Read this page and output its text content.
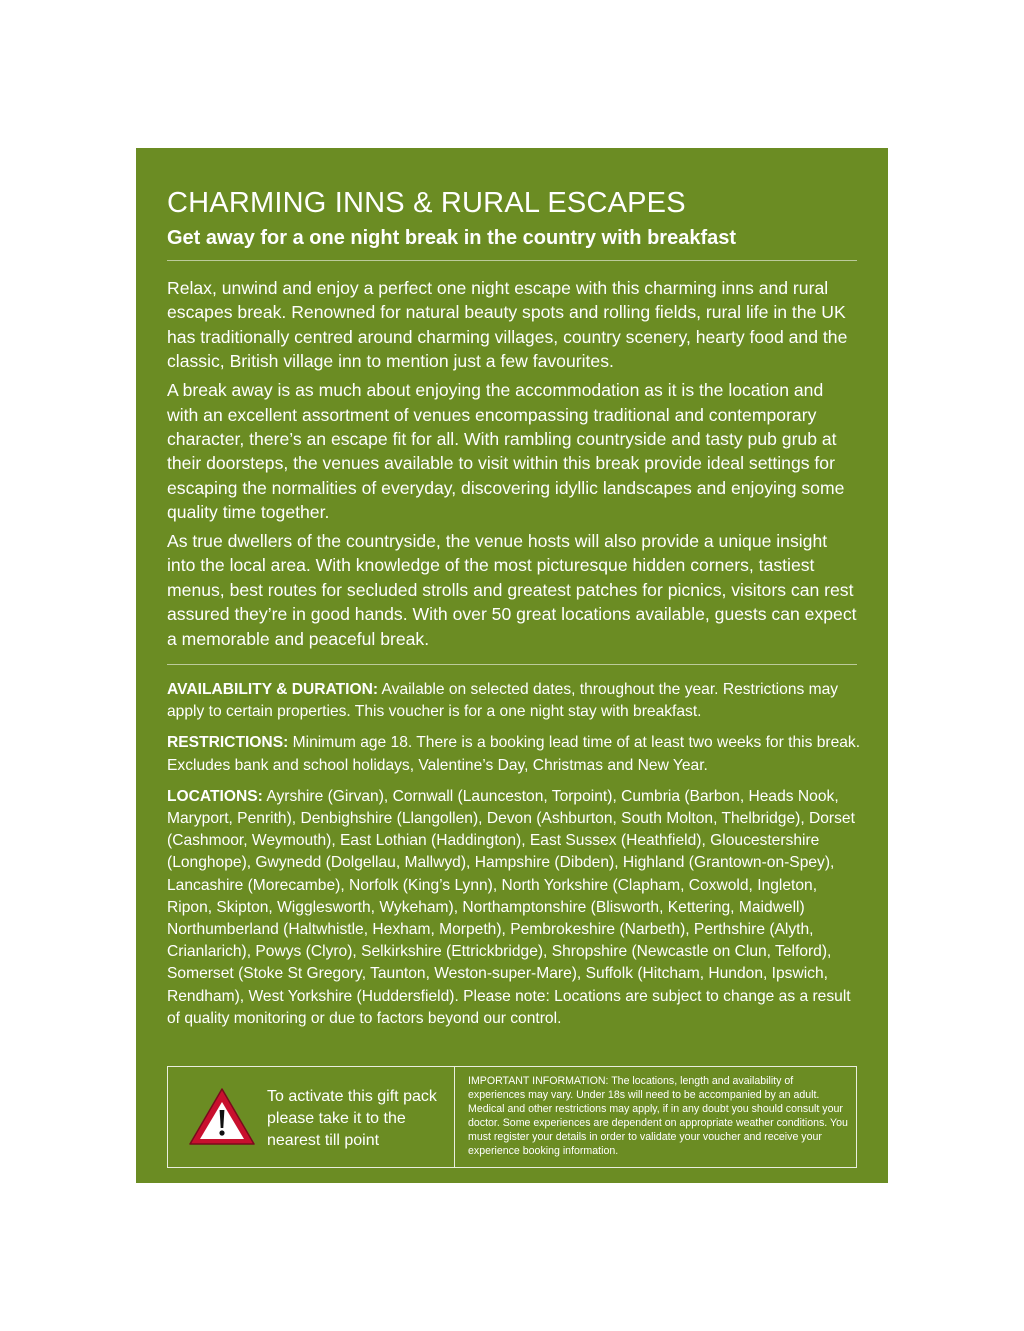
CHARMING INNS & RURAL ESCAPES
Get away for a one night break in the country with breakfast

Relax, unwind and enjoy a perfect one night escape with this charming inns and rural escapes break. Renowned for natural beauty spots and rolling fields, rural life in the UK has traditionally centred around charming villages, country scenery, hearty food and the classic, British village inn to mention just a few favourites.

A break away is as much about enjoying the accommodation as it is the location and with an excellent assortment of venues encompassing traditional and contemporary character, there’s an escape fit for all. With rambling countryside and tasty pub grub at their doorsteps, the venues available to visit within this break provide ideal settings for escaping the normalities of everyday, discovering idyllic landscapes and enjoying some quality time together.

As true dwellers of the countryside, the venue hosts will also provide a unique insight into the local area. With knowledge of the most picturesque hidden corners, tastiest menus, best routes for secluded strolls and greatest patches for picnics, visitors can rest assured they’re in good hands. With over 50 great locations available, guests can expect a memorable and peaceful break.

AVAILABILITY & DURATION: Available on selected dates, throughout the year. Restrictions may apply to certain properties. This voucher is for a one night stay with breakfast.

RESTRICTIONS: Minimum age 18. There is a booking lead time of at least two weeks for this break. Excludes bank and school holidays, Valentine’s Day, Christmas and New Year.

LOCATIONS: Ayrshire (Girvan), Cornwall (Launceston, Torpoint), Cumbria (Barbon, Heads Nook, Maryport, Penrith), Denbighshire (Llangollen), Devon (Ashburton, South Molton, Thelbridge), Dorset (Cashmoor, Weymouth), East Lothian (Haddington), East Sussex (Heathfield), Gloucestershire (Longhope), Gwynedd (Dolgellau, Mallwyd), Hampshire (Dibden), Highland (Grantown-on-Spey), Lancashire (Morecambe), Norfolk (King’s Lynn), North Yorkshire (Clapham, Coxwold, Ingleton, Ripon, Skipton, Wigglesworth, Wykeham), Northamptonshire (Blisworth, Kettering, Maidwell) Northumberland (Haltwhistle, Hexham, Morpeth), Pembrokeshire (Narbeth), Perthshire (Alyth, Crianlarich), Powys (Clyro), Selkirkshire (Ettrickbridge), Shropshire (Newcastle on Clun, Telford), Somerset (Stoke St Gregory, Taunton, Weston-super-Mare), Suffolk (Hitcham, Hundon, Ipswich, Rendham), West Yorkshire (Huddersfield). Please note: Locations are subject to change as a result of quality monitoring or due to factors beyond our control.

To activate this gift pack please take it to the nearest till point
IMPORTANT INFORMATION: The locations, length and availability of experiences may vary. Under 18s will need to be accompanied by an adult. Medical and other restrictions may apply, if in any doubt you should consult your doctor. Some experiences are dependent on appropriate weather conditions. You must register your details in order to validate your voucher and receive your experience booking information.
